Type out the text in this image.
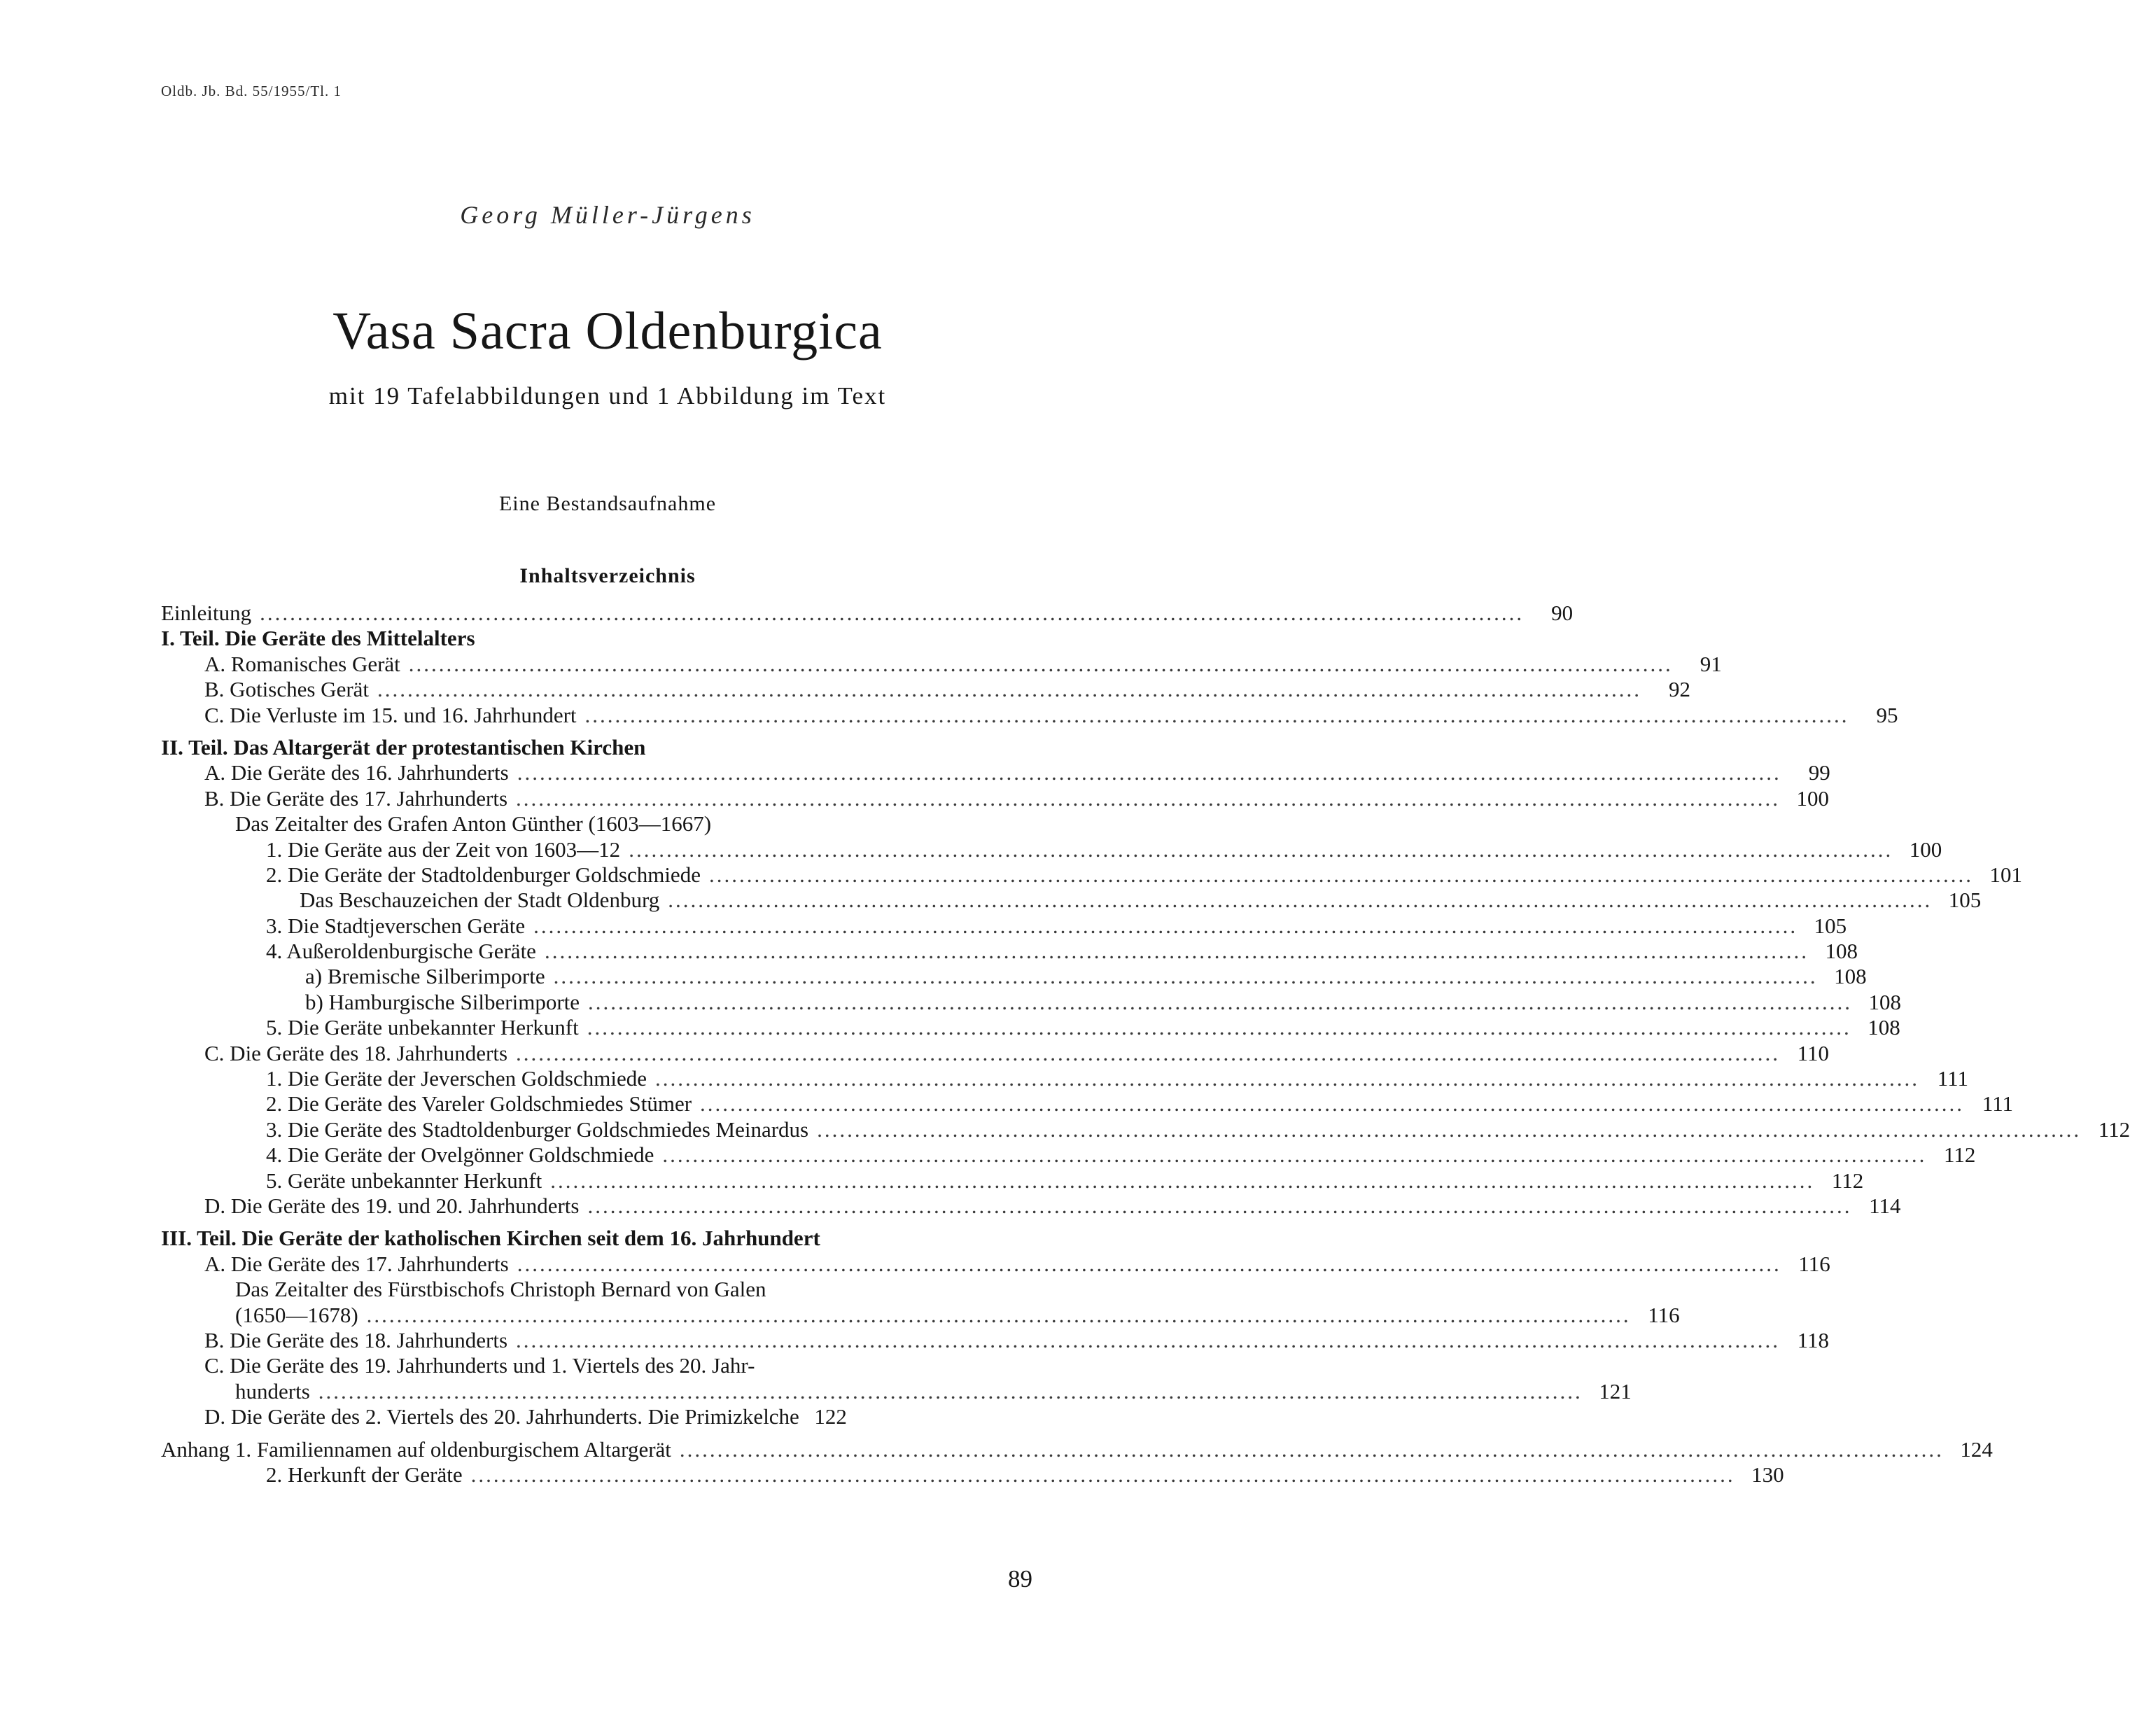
Oldb. Jb. Bd. 55/1955/Tl. 1
Georg Müller-Jürgens
Vasa Sacra Oldenburgica
mit 19 Tafelabbildungen und 1 Abbildung im Text
Eine Bestandsaufnahme
Inhaltsverzeichnis
Einleitung .....	90
I. Teil. Die Geräte des Mittelalters
A. Romanisches Gerät .....	91
B. Gotisches Gerät .....	92
C. Die Verluste im 15. und 16. Jahrhundert .....	95
II. Teil. Das Altargerät der protestantischen Kirchen
A. Die Geräte des 16. Jahrhunderts .....	99
B. Die Geräte des 17. Jahrhunderts .....	100
Das Zeitalter des Grafen Anton Günther (1603—1667)
1. Die Geräte aus der Zeit von 1603—12 .....	100
2. Die Geräte der Stadtoldenburger Goldschmiede .....	101
Das Beschauzeichen der Stadt Oldenburg .....	105
3. Die Stadtjeverschen Geräte .....	105
4. Außeroldenburgische Geräte .....	108
a) Bremische Silberimporte .....	108
b) Hamburgische Silberimporte .....	108
5. Die Geräte unbekannter Herkunft .....	108
C. Die Geräte des 18. Jahrhunderts .....	110
1. Die Geräte der Jeverschen Goldschmiede .....	111
2. Die Geräte des Vareler Goldschmiedes Stümer .....	111
3. Die Geräte des Stadtoldenburger Goldschmiedes Meinardus .....	112
4. Die Geräte der Ovelgönner Goldschmiede .....	112
5. Geräte unbekannter Herkunft .....	112
D. Die Geräte des 19. und 20. Jahrhunderts .....	114
III. Teil. Die Geräte der katholischen Kirchen seit dem 16. Jahrhundert
A. Die Geräte des 17. Jahrhunderts .....	116
Das Zeitalter des Fürstbischofs Christoph Bernard von Galen
(1650—1678) .....	116
B. Die Geräte des 18. Jahrhunderts .....	118
C. Die Geräte des 19. Jahrhunderts und 1. Viertels des 20. Jahr-
hunderts .....	121
D. Die Geräte des 2. Viertels des 20. Jahrhunderts. Die Primizkelche 122
Anhang 1. Familiennamen auf oldenburgischem Altargerät .....	124
2. Herkunft der Geräte .....	130
89
